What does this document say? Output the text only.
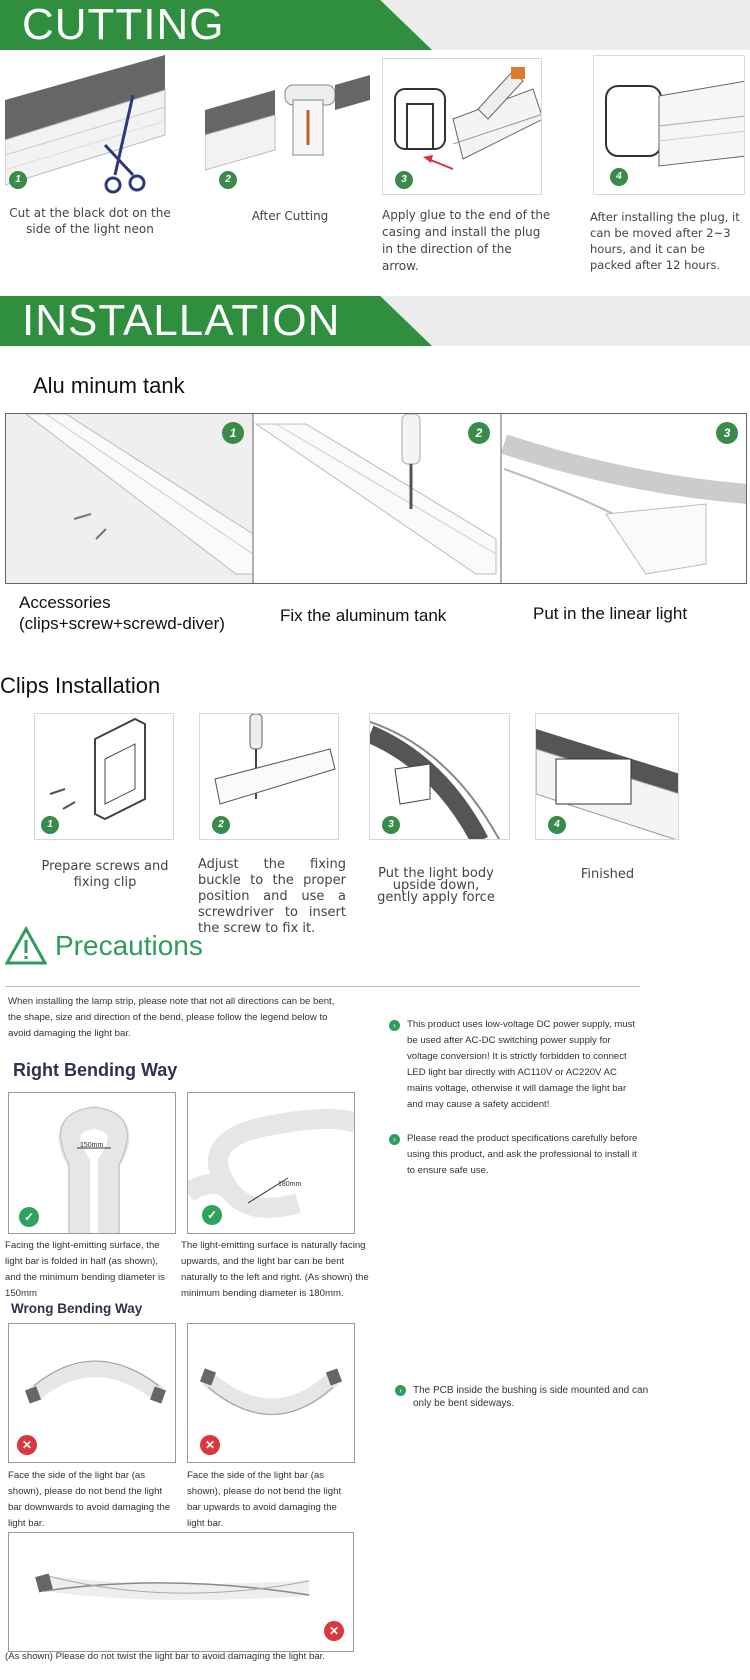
CUTTING
1
Cut at the black dot on the side of the light neon
2
After Cutting
3
Apply glue to the end of the casing and install the plug in the direction of the arrow.
4
After installing the plug, it can be moved after 2~3 hours, and it can be packed after 12 hours.
INSTALLATION
Alu minum tank
1	2	3
Accessories (clips+screw+screwd-diver)	Fix the aluminum tank	Put in the linear light
Clips Installation
1	2	3	4
Prepare screws and fixing clip
Adjust the fixing buckle to the proper position and use a screwdriver to insert the screw to fix it.
Put the light body upside down, gently apply force
Finished
Precautions
When installing the lamp strip, please note that not all directions can be bent, the shape, size and direction of the bend, please follow the legend below to avoid damaging the light bar.
Right Bending Way
150mm
✓
Facing the light-emitting surface, the light bar is folded in half (as shown), and the minimum bending diameter is 150mm
180mm
✓
The light-emitting surface is naturally facing upwards, and the light bar can be bent naturally to the left and right. (As shown) the minimum bending diameter is 180mm.
Wrong Bending Way
✕
Face the side of the light bar (as shown), please do not bend the light bar downwards to avoid damaging the light bar.
✕
Face the side of the light bar (as shown), please do not bend the light bar upwards to avoid damaging the light bar.
✕
(As shown) Please do not twist the light bar to avoid damaging the light bar.
›	This product uses low-voltage DC power supply, must be used after AC-DC switching power supply for voltage conversion! It is strictly forbidden to connect LED light bar directly with AC110V or AC220V AC mains voltage, otherwise it will damage the light bar and may cause a safety accident!
›	Please read the product specifications carefully before using this product, and ask the professional to install it to ensure safe use.
›	The PCB inside the bushing is side mounted and can only be bent sideways.
